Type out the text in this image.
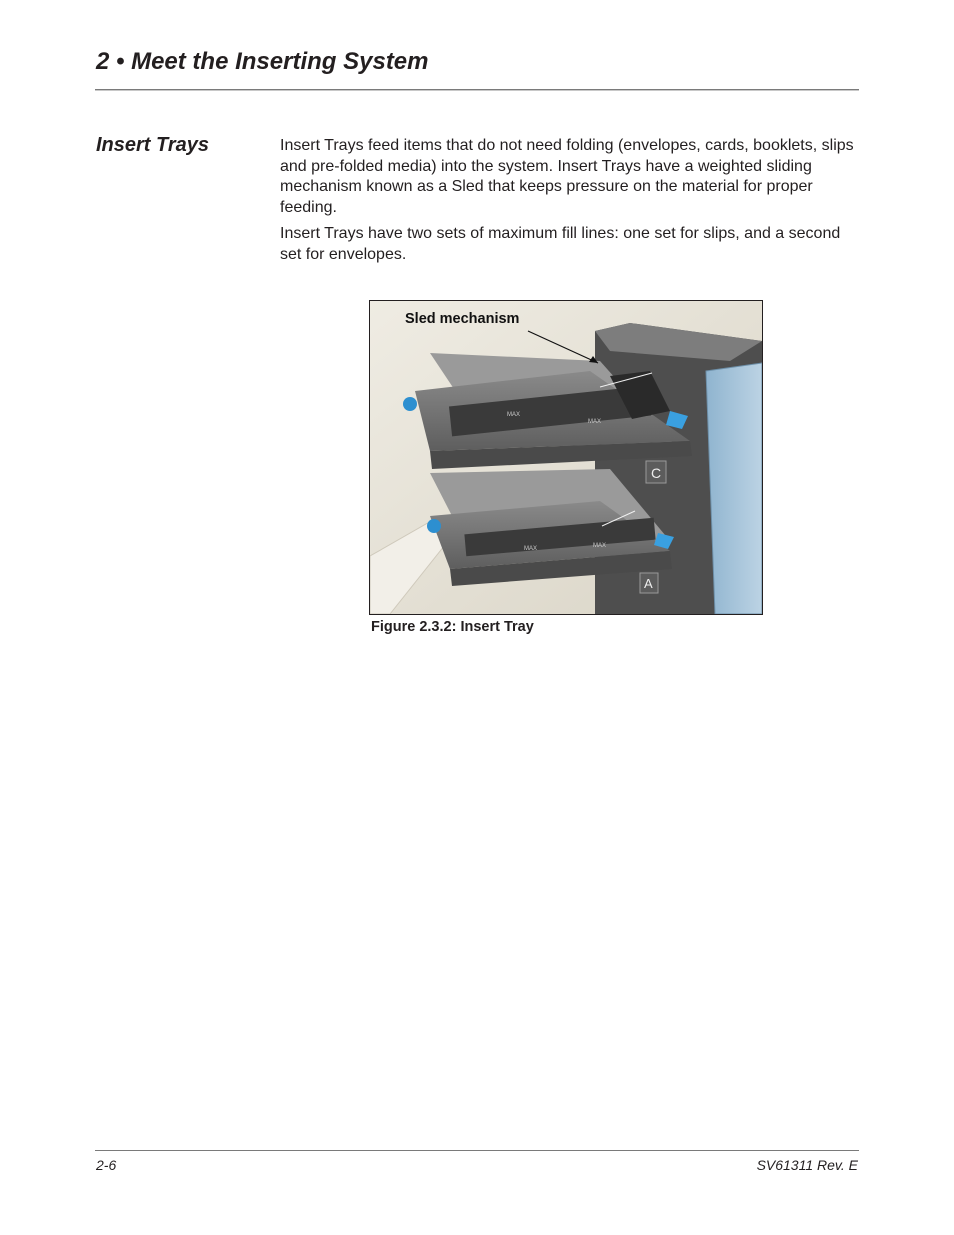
2 • Meet the Inserting System
Insert Trays	Insert Trays feed items that do not need folding (envelopes, cards, booklets, slips and pre-folded media) into the system. Insert Trays have a weighted sliding mechanism known as a Sled that keeps pressure on the material for proper feeding.

Insert Trays have two sets of maximum fill lines: one set for slips, and a second set for envelopes.

C
A
MAX
MAX
MAX	MAX
Sled mechanism
Figure 2.3.2: Insert Tray
2-6	SV61311 Rev. E
